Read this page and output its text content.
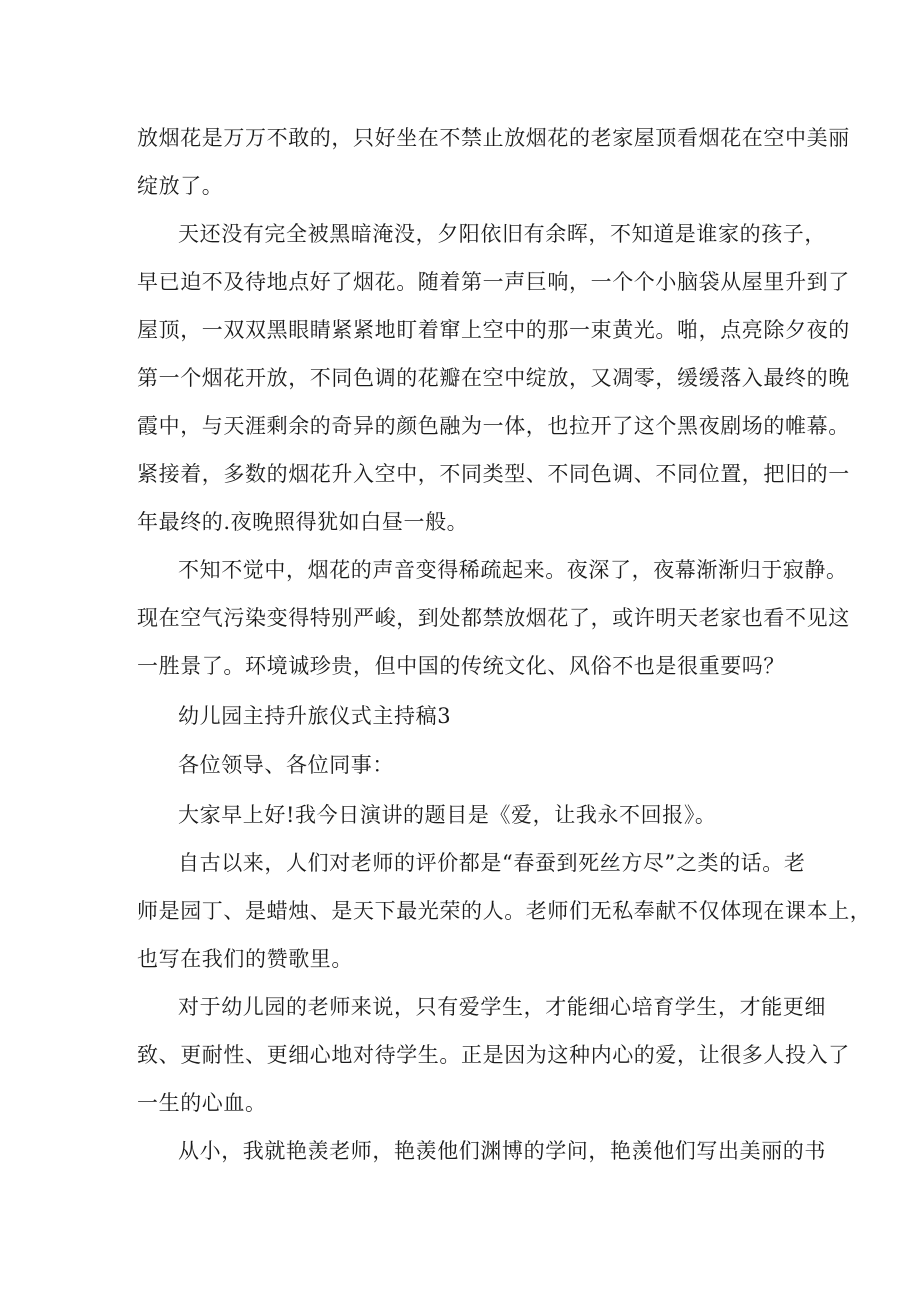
放烟花是万万不敢的，只好坐在不禁止放烟花的老家屋顶看烟花在空中美丽
绽放了。
天还没有完全被黑暗淹没，夕阳依旧有余晖，不知道是谁家的孩子，
早已迫不及待地点好了烟花。随着第一声巨响，一个个小脑袋从屋里升到了
屋顶，一双双黑眼睛紧紧地盯着窜上空中的那一束黄光。啪，点亮除夕夜的
第一个烟花开放，不同色调的花瓣在空中绽放，又凋零，缓缓落入最终的晚
霞中，与天涯剩余的奇异的颜色融为一体，也拉开了这个黑夜剧场的帷幕。
紧接着，多数的烟花升入空中，不同类型、不同色调、不同位置，把旧的一
年最终的.夜晚照得犹如白昼一般。
不知不觉中，烟花的声音变得稀疏起来。夜深了，夜幕渐渐归于寂静。
现在空气污染变得特别严峻，到处都禁放烟花了，或许明天老家也看不见这
一胜景了。环境诚珍贵，但中国的传统文化、风俗不也是很重要吗？
幼儿园主持升旅仪式主持稿3
各位领导、各位同事：
大家早上好!我今日演讲的题目是《爱，让我永不回报》。
自古以来，人们对老师的评价都是“春蚕到死丝方尽”之类的话。老
师是园丁、是蜡烛、是天下最光荣的人。老师们无私奉献不仅体现在课本上，
也写在我们的赞歌里。
对于幼儿园的老师来说，只有爱学生，才能细心培育学生，才能更细
致、更耐性、更细心地对待学生。正是因为这种内心的爱，让很多人投入了
一生的心血。
从小，我就艳羡老师，艳羡他们渊博的学问，艳羡他们写出美丽的书
